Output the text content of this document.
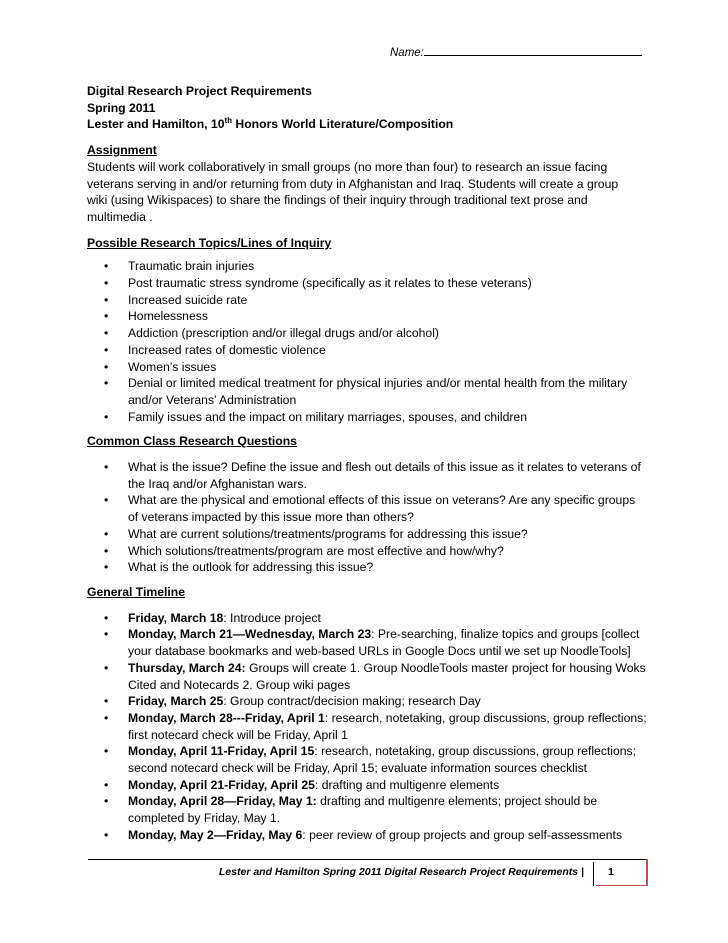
Name:
Digital Research Project Requirements
Spring 2011
Lester and Hamilton, 10th Honors World Literature/Composition
Assignment
Students will work collaboratively in small groups (no more than four) to research an issue facing
veterans serving in and/or returning from duty in Afghanistan and Iraq. Students will create a group
wiki (using Wikispaces) to share the findings of their inquiry through traditional text prose and
multimedia .
Possible Research Topics/Lines of Inquiry
• Traumatic brain injuries
• Post traumatic stress syndrome (specifically as it relates to these veterans)
• Increased suicide rate
• Homelessness
• Addiction (prescription and/or illegal drugs and/or alcohol)
• Increased rates of domestic violence
• Women’s issues
• Denial or limited medical treatment for physical injuries and/or mental health from the military
and/or Veterans’ Administration
• Family issues and the impact on military marriages, spouses, and children
Common Class Research Questions
• What is the issue? Define the issue and flesh out details of this issue as it relates to veterans of
the Iraq and/or Afghanistan wars.
• What are the physical and emotional effects of this issue on veterans? Are any specific groups
of veterans impacted by this issue more than others?
• What are current solutions/treatments/programs for addressing this issue?
• Which solutions/treatments/program are most effective and how/why?
• What is the outlook for addressing this issue?
General Timeline
• Friday, March 18: Introduce project
• Monday, March 21—Wednesday, March 23: Pre-searching, finalize topics and groups [collect
your database bookmarks and web-based URLs in Google Docs until we set up NoodleTools]
• Thursday, March 24: Groups will create 1. Group NoodleTools master project for housing Woks
Cited and Notecards 2. Group wiki pages
• Friday, March 25: Group contract/decision making; research Day
• Monday, March 28---Friday, April 1: research, notetaking, group discussions, group reflections;
first notecard check will be Friday, April 1
• Monday, April 11-Friday, April 15: research, notetaking, group discussions, group reflections;
second notecard check will be Friday, April 15; evaluate information sources checklist
• Monday, April 21-Friday, April 25: drafting and multigenre elements
• Monday, April 28—Friday, May 1: drafting and multigenre elements; project should be
completed by Friday, May 1.
• Monday, May 2—Friday, May 6: peer review of group projects and group self-assessments
Lester and Hamilton Spring 2011 Digital Research Project Requirements | 1
